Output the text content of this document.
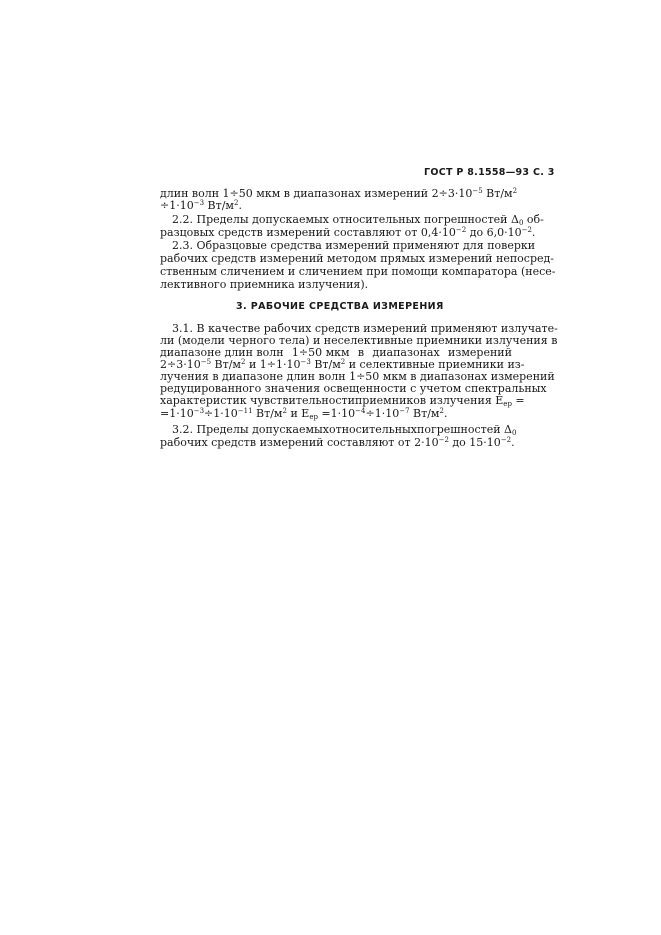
ГОСТ Р 8.1558—93 С. 3
длин волн 1÷50 мкм в диапазонах измерений $2\div 3\cdot 10^{-5}$ $Вт/м^2$
$\div 1\cdot 10^{-3}$ $Вт/м^2$.
2.2. Пределы допускаемых относительных погрешностей $\Delta_0$ об-
разцовых средств измерений составляют от $0,4\cdot 10^{-2}$ до $6,0\cdot 10^{-2}$.
2.3. Образцовые средства измерений применяют для поверки
рабочих средств измерений методом прямых измерений непосред-
ственным сличением и сличением при помощи компаратора (несе-
лективного приемника излучения).
3. РАБОЧИЕ СРЕДСТВА ИЗМЕРЕНИЯ
3.1. В качестве рабочих средств измерений применяют излучате-
ли (модели черного тела) и неселективные приемники излучения в
диапазоне длин волн 1÷50 мкм в диапазонах измерений
$2\div 3\cdot 10^{-5}$ $Вт/м^2$ и $1\div 1\cdot 10^{-3}$ $Вт/м^2$ и селективные приемники из-
лучения в диапазоне длин волн 1÷50 мкм в диапазонах измерений
редуцированного значения освещенности с учетом спектральных
характеристик чувствительности приемников излучения $E_{eр}$ =
$=1\cdot 10^{-3}\div 1\cdot 10^{-11}$ $Вт/м^2$ и $E_{eр} =1\cdot 10^{-4}\div 1\cdot 10^{-7}$ $Вт/м^2$.
3.2. Пределы допускаемых относительных погрешностей $\Delta_0$
рабочих средств измерений составляют от $2\cdot 10^{-2}$ до $15\cdot 10^{-2}$.
